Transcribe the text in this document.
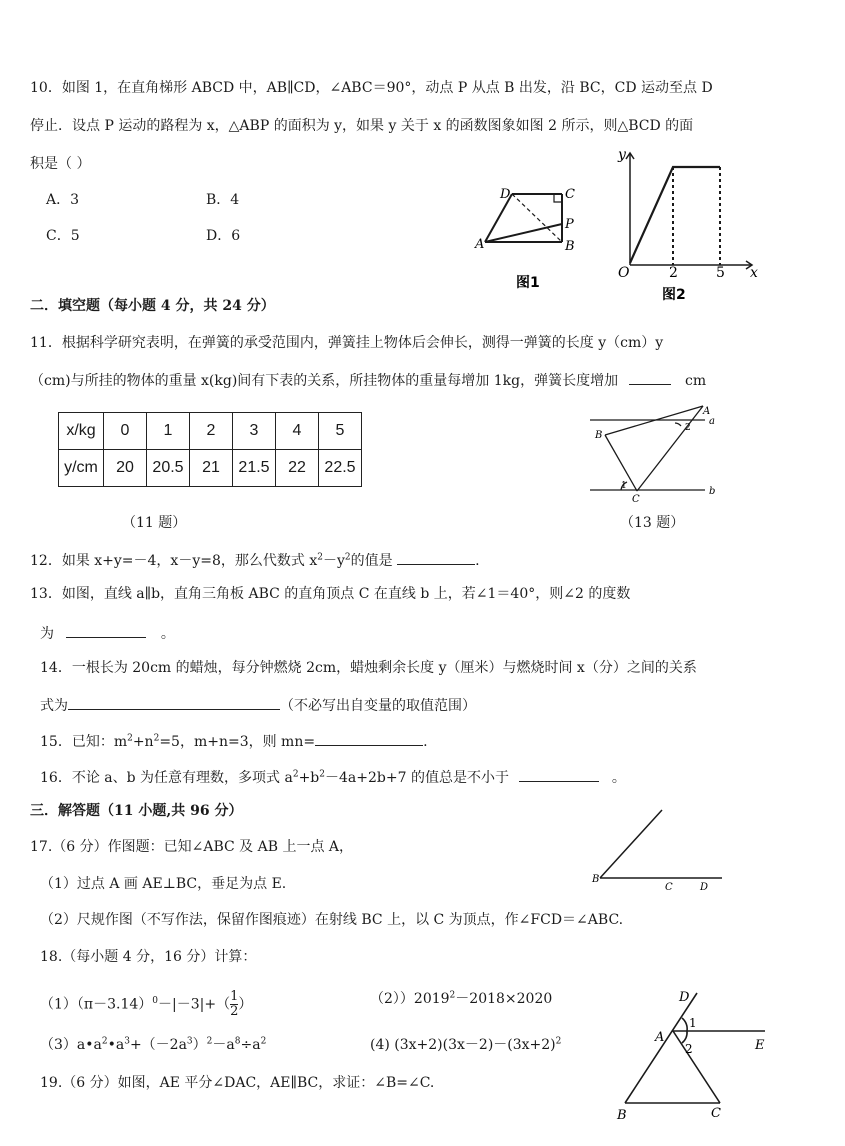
10．如图 1，在直角梯形 ABCD 中，AB∥CD，∠ABC＝90°，动点 P 从点 B 出发，沿 BC，CD 运动至点 D
停止．设点 P 运动的路程为 x，△ABP 的面积为 y，如果 y 关于 x 的函数图象如图 2 所示，则△BCD 的面
积是（ ）
A．3	B．4
C．5	D．6
D	C
P
A	B
图1
y
x
O	2	5
图2
二．填空题（每小题 4 分，共 24 分）
11．根据科学研究表明，在弹簧的承受范围内，弹簧挂上物体后会伸长，测得一弹簧的长度 y（cm）y
（cm)与所挂的物体的重量 x(kg)间有下表的关系，所挂物体的重量每增加 1kg，弹簧长度增加	cm
x/kg	0	1	2	3	4	5
y/cm	20	20.5	21	21.5	22	22.5
（11 题）
A
B
C
a
b
1
2
（13 题）
12．如果 x+y=－4，x－y=8，那么代数式 $x^2-y^2$的值是	.
13．如图，直线 a∥b，直角三角板 ABC 的直角顶点 C 在直线 b 上，若∠1＝40°，则∠2 的度数
为	。
14．一根长为 20cm 的蜡烛，每分钟燃烧 2cm，蜡烛剩余长度 y（厘米）与燃烧时间 x（分）之间的关系
式为	（不必写出自变量的取值范围）
15．已知：$m^2+n^2=5$，m+n=3，则 mn=	.
16．不论 a、b 为任意有理数，多项式 $a^2+b^2-4a+2b+7$ 的值总是不小于	。
三．解答题（11 小题,共 96 分）
17.（6 分）作图题：已知∠ABC 及 AB 上一点 A，
（1）过点 A 画 AE⊥BC，垂足为点 E.
（2）尺规作图（不写作法，保留作图痕迹）在射线 BC 上，以 C 为顶点，作∠FCD＝∠ABC.
B
C	D
18.（每小题 4 分，16 分）计算：
$(1)(\pi-3.14)^0-|-3|+( \frac{1}{2}$ ）	$(2))2019^2-2018\times 2020$
$(3)a•a^2•a^3+(-2a^3)^2-a^8\div a^2$	(4) $(3x+2)(3x-2)-(3x+2)^2$
19.（6 分）如图，AE 平分∠DAC，AE∥BC，求证：∠B=∠C.
D
A
E
B	C
1
2
